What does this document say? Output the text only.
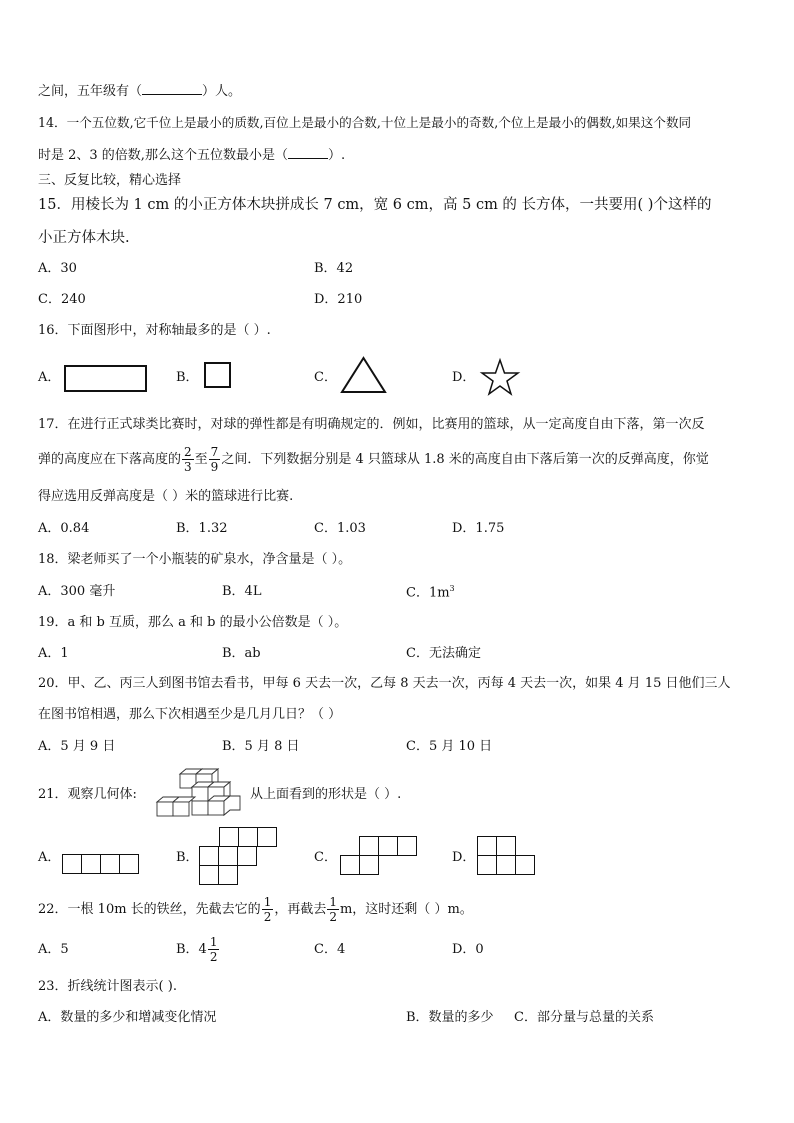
之间，五年级有（	）人。
14．一个五位数,它千位上是最小的质数,百位上是最小的合数,十位上是最小的奇数,个位上是最小的偶数,如果这个数同
时是 2、3 的倍数,那么这个五位数最小是（	）.
三、反复比较，精心选择
15．用棱长为 1 cm 的小正方体木块拼成长 7 cm，宽 6 cm，高 5 cm 的 长方体，一共要用( )个这样的
小正方体木块.
A．30	B．42
C．240	D．210
16．下面图形中，对称轴最多的是（ ）.
A．	B．	C．	D．
17．在进行正式球类比赛时，对球的弹性都是有明确规定的．例如，比赛用的篮球，从一定高度自由下落，第一次反
弹的高度应在下落高度的 $\frac{2}{3}$ 至 $\frac{7}{9}$ 之间．下列数据分别是 4 只篮球从 1.8 米的高度自由下落后第一次的反弹高度，你觉
得应选用反弹高度是（ ）米的篮球进行比赛.
A．0.84	B．1.32	C．1.03	D．1.75
18．梁老师买了一个小瓶装的矿泉水，净含量是（ ）。
A．300 毫升	B．4L	C．$1m^3$
19．a 和 b 互质，那么 a 和 b 的最小公倍数是（ ）。
A．1	B．ab	C．无法确定
20．甲、乙、丙三人到图书馆去看书，甲每 6 天去一次，乙每 8 天去一次，丙每 4 天去一次，如果 4 月 15 日他们三人
在图书馆相遇，那么下次相遇至少是几月几日？（ ）
A．5 月 9 日	B．5 月 8 日	C．5 月 10 日
21．观察几何体:	从上面看到的形状是（ ）.
A．	B．	C．	D．
22．一根 10m 长的铁丝，先截去它的 $\frac{1}{2}$ ，再截去 $\frac{1}{2}$ m，这时还剩（ ）m。
A．5	B．$4 \frac{1}{2}$	C．4	D．0
23．折线统计图表示( ).
A．数量的多少和增减变化情况	B．数量的多少 C．部分量与总量的关系
